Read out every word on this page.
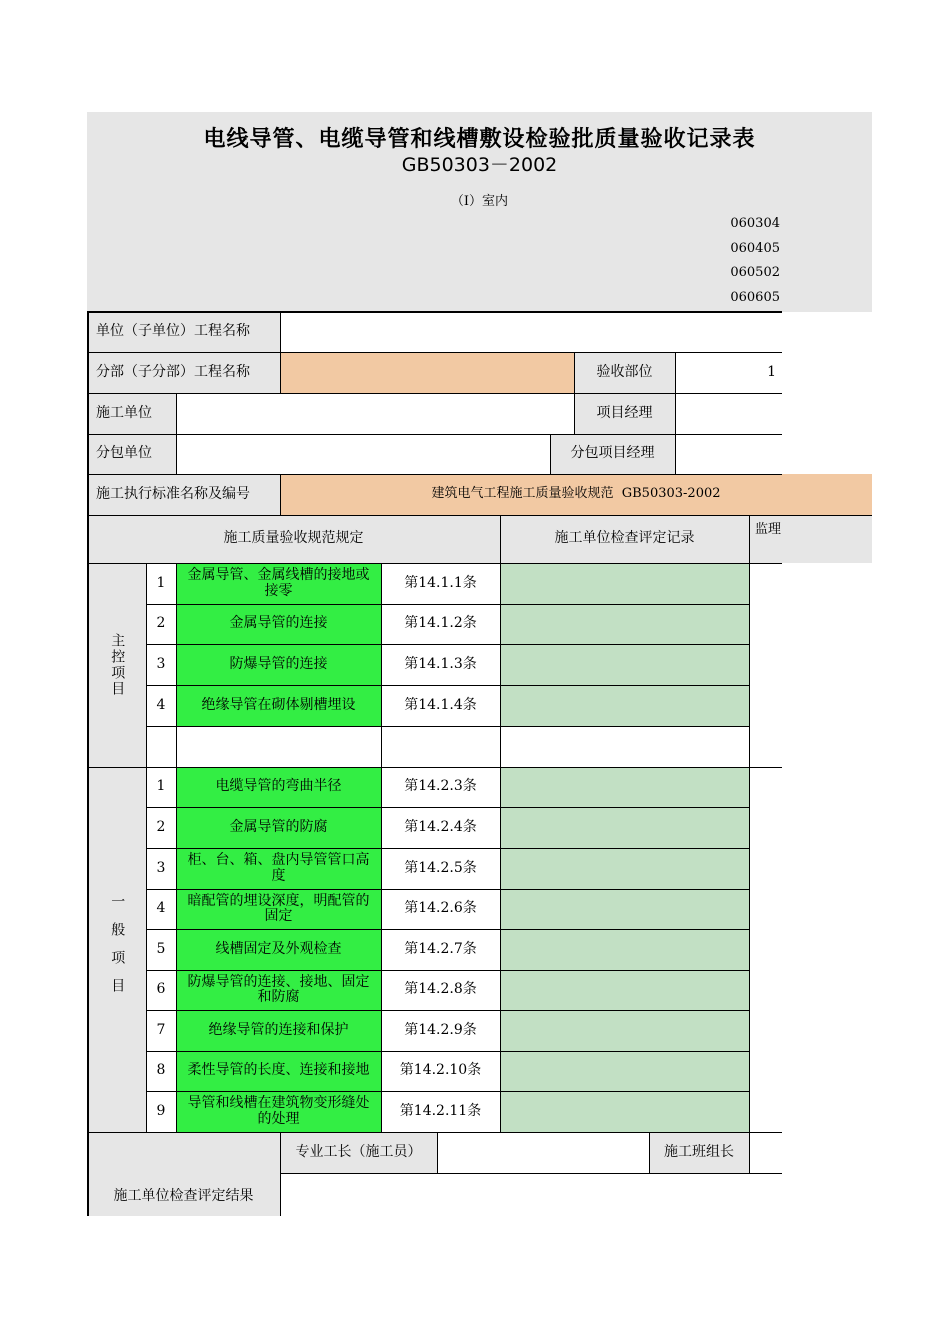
电线导管、电缆导管和线槽敷设检验批质量验收记录表
GB50303－2002
（Ⅰ）室内
060304
060405
060502
060605
单位（子单位）工程名称
分部（子分部）工程名称	验收部位	1
施工单位	项目经理
分包单位	分包项目经理
施工执行标准名称及编号	建筑电气工程施工质量验收规范  GB50303-2002
施工质量验收规范规定	施工单位检查评定记录
监理
主控项目
1	金属导管、金属线槽的接地或接零	第14.1.1条
2	金属导管的连接	第14.1.2条
3	防爆导管的连接	第14.1.3条
4	绝缘导管在砌体剔槽埋设	第14.1.4条
一般项目
1	电缆导管的弯曲半径	第14.2.3条
2	金属导管的防腐	第14.2.4条
3	柜、台、箱、盘内导管管口高度	第14.2.5条
4	暗配管的埋设深度，明配管的固定	第14.2.6条
5	线槽固定及外观检查	第14.2.7条
6	防爆导管的连接、接地、固定和防腐	第14.2.8条
7	绝缘导管的连接和保护	第14.2.9条
8	柔性导管的长度、连接和接地	第14.2.10条
9	导管和线槽在建筑物变形缝处的处理	第14.2.11条
施工单位检查评定结果
专业工长（施工员）	施工班组长
